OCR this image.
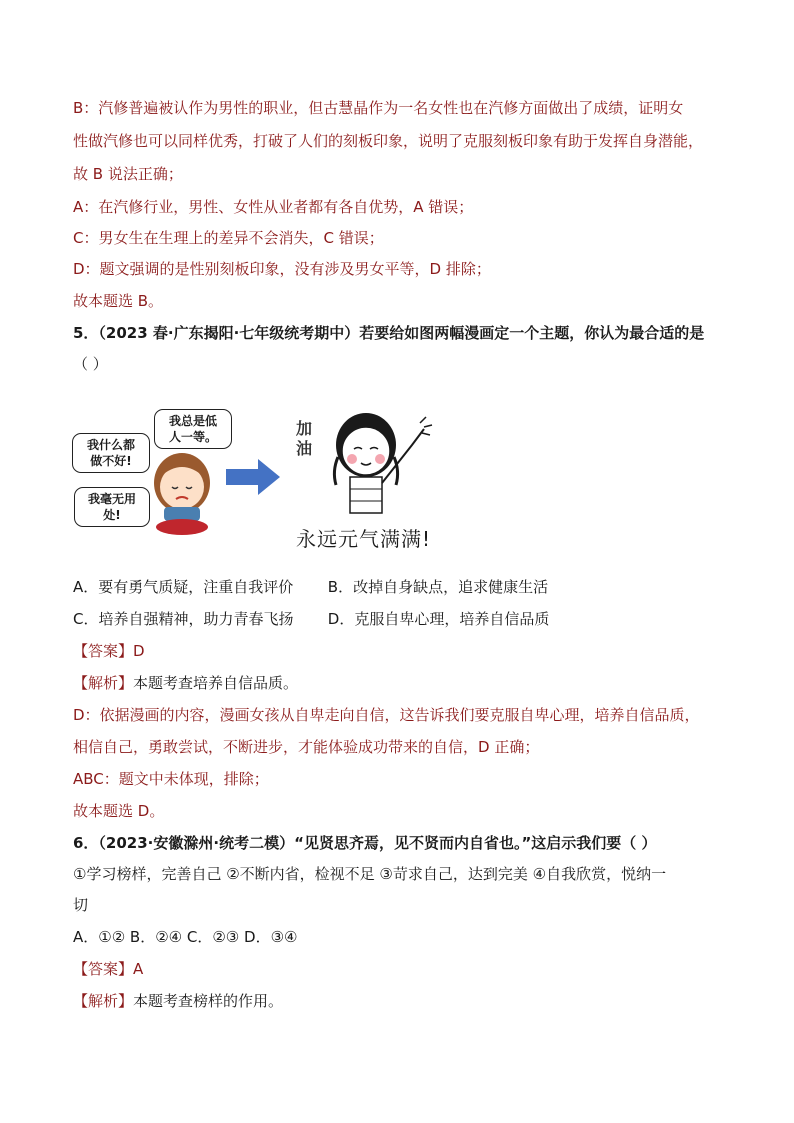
B：汽修普遍被认作为男性的职业，但古慧晶作为一名女性也在汽修方面做出了成绩，证明女
性做汽修也可以同样优秀，打破了人们的刻板印象，说明了克服刻板印象有助于发挥自身潜能，
故 B 说法正确；
A：在汽修行业，男性、女性从业者都有各自优势，A 错误；
C：男女生在生理上的差异不会消失，C 错误；
D：题文强调的是性别刻板印象，没有涉及男女平等，D 排除；
故本题选 B。
5．（2023 春·广东揭阳·七年级统考期中）若要给如图两幅漫画定一个主题，你认为最合适的是
（ ）
我总是低
人一等。
我什么都
做不好!
我毫无用
处!
加
油
永远元气满满!
A．要有勇气质疑，注重自我评价 B．改掉自身缺点，追求健康生活
C．培养自强精神，助力青春飞扬 D．克服自卑心理，培养自信品质
【答案】D
【解析】本题考查培养自信品质。
D：依据漫画的内容，漫画女孩从自卑走向自信，这告诉我们要克服自卑心理，培养自信品质，
相信自己，勇敢尝试，不断进步，才能体验成功带来的自信，D 正确；
ABC：题文中未体现，排除；
故本题选 D。
6．（2023·安徽滁州·统考二模）“见贤思齐焉，见不贤而内自省也。”这启示我们要（ ）
①学习榜样，完善自己 ②不断内省，检视不足 ③苛求自己，达到完美 ④自我欣赏，悦纳一
切
A．①② B．②④ C．②③ D．③④
【答案】A
【解析】本题考查榜样的作用。
